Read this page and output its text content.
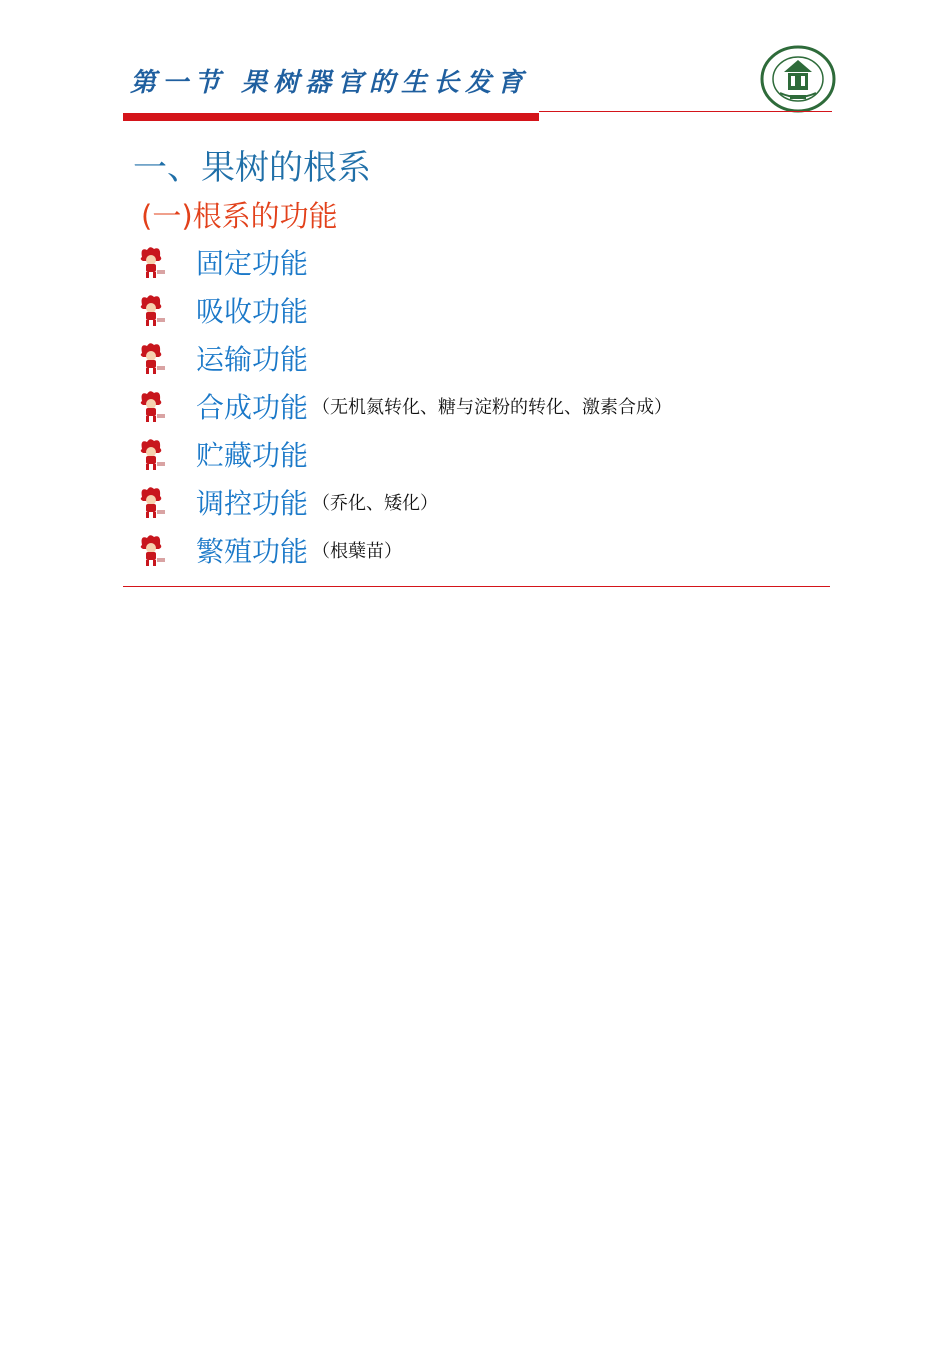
第一节 果树器官的生长发育
一、果树的根系
(一)根系的功能
固定功能
吸收功能
运输功能
合成功能 （无机氮转化、糖与淀粉的转化、激素合成）
贮藏功能
调控功能 （乔化、矮化）
繁殖功能 （根蘖苗）
